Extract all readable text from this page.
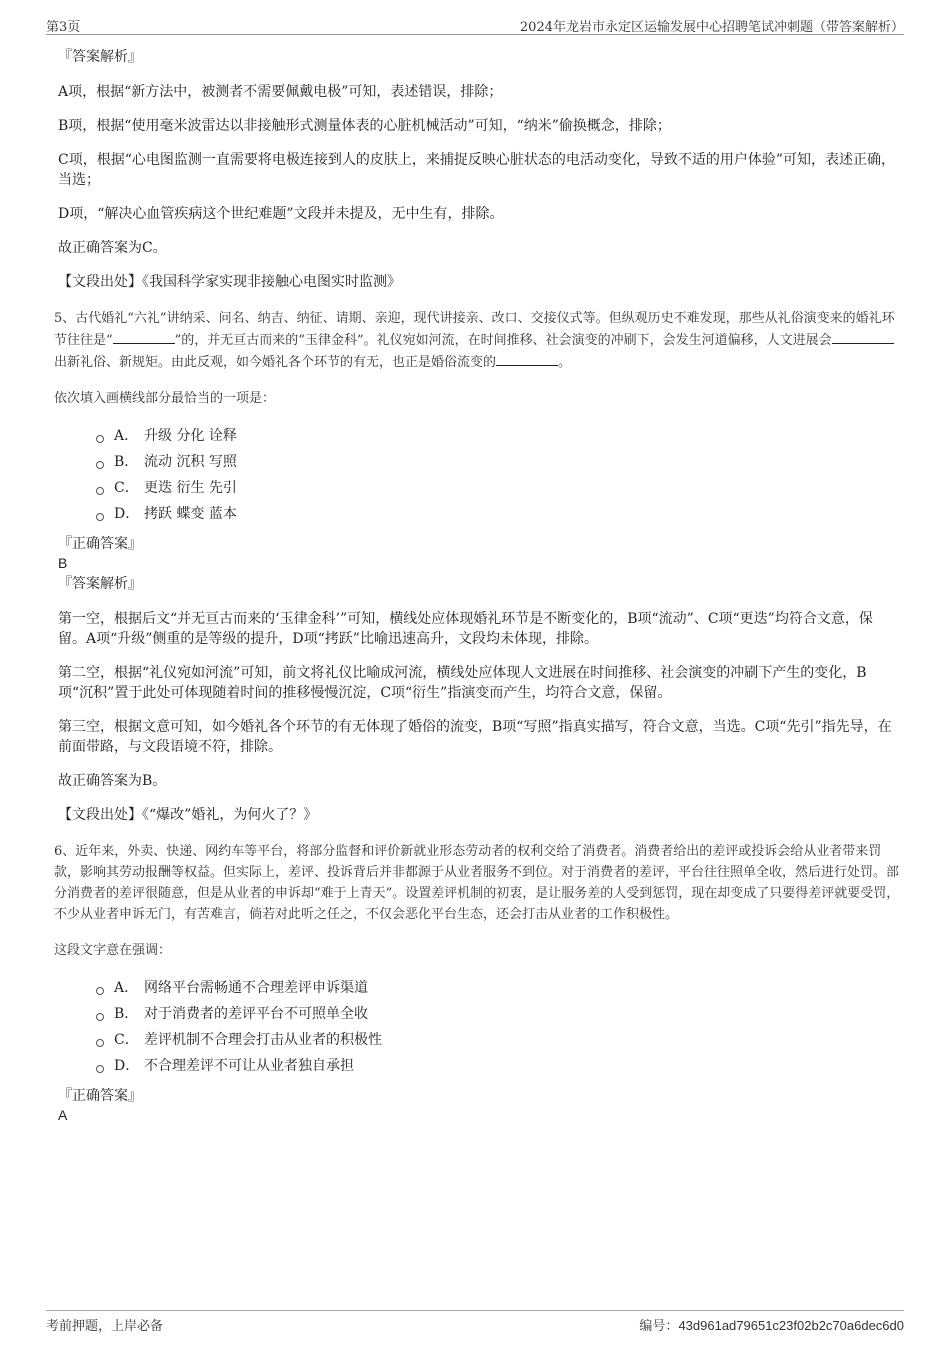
第3页	2024年龙岩市永定区运输发展中心招聘笔试冲刺题（带答案解析）
『答案解析』
A项，根据“新方法中，被测者不需要佩戴电极”可知，表述错误，排除；
B项，根据“使用毫米波雷达以非接触形式测量体表的心脏机械活动”可知，“纳米”偷换概念，排除；
C项，根据“心电图监测一直需要将电极连接到人的皮肤上，来捕捉反映心脏状态的电活动变化，导致不适的用户体验”可知，表述正确，当选；
D项，“解决心血管疾病这个世纪难题”文段并未提及，无中生有，排除。
故正确答案为C。
【文段出处】《我国科学家实现非接触心电图实时监测》
5、古代婚礼“六礼”讲纳采、问名、纳吉、纳征、请期、亲迎，现代讲接亲、改口、交接仪式等。但纵观历史不难发现，那些从礼俗演变来的婚礼环节往往是“	”的，并无亘古而来的“玉律金科”。礼仪宛如河流，在时间推移、社会演变的冲刷下，会发生河道偏移，人文进展会出新礼俗、新规矩。由此反观，如今婚礼各个环节的有无，也正是婚俗流变的	。
依次填入画横线部分最恰当的一项是：
A． 升级 分化 诠释
B． 流动 沉积 写照
C． 更迭 衍生 先引
D． 拷跃 蝶变 蓝本
『正确答案』
B
『答案解析』
第一空，根据后文“并无亘古而来的‘玉律金科’”可知，横线处应体现婚礼环节是不断变化的，B项“流动”、C项“更迭”均符合文意，保留。A项“升级”侧重的是等级的提升，D项“拷跃”比喻迅速高升，文段均未体现，排除。
第二空，根据“礼仪宛如河流”可知，前文将礼仪比喻成河流，横线处应体现人文进展在时间推移、社会演变的冲刷下产生的变化，B项“沉积”置于此处可体现随着时间的推移慢慢沉淀，C项“衍生”指演变而产生，均符合文意，保留。
第三空，根据文意可知，如今婚礼各个环节的有无体现了婚俗的流变，B项“写照”指真实描写，符合文意，当选。C项“先引”指先导，在前面带路，与文段语境不符，排除。
故正确答案为B。
【文段出处】《“爆改”婚礼，为何火了？》
6、近年来，外卖、快递、网约车等平台，将部分监督和评价新就业形态劳动者的权利交给了消费者。消费者给出的差评或投诉会给从业者带来罚款，影响其劳动报酬等权益。但实际上，差评、投诉背后并非都源于从业者服务不到位。对于消费者的差评，平台往往照单全收，然后进行处罚。部分消费者的差评很随意，但是从业者的申诉却“难于上青天”。设置差评机制的初衷，是让服务差的人受到惩罚，现在却变成了只要得差评就要受罚，不少从业者申诉无门，有苦难言，倘若对此听之任之，不仅会恶化平台生态，还会打击从业者的工作积极性。
这段文字意在强调：
A． 网络平台需畅通不合理差评申诉渠道
B． 对于消费者的差评平台不可照单全收
C． 差评机制不合理会打击从业者的积极性
D． 不合理差评不可让从业者独自承担
『正确答案』
A
考前押题，上岸必备	编号：43d961ad79651c23f02b2c70a6dec6d0
